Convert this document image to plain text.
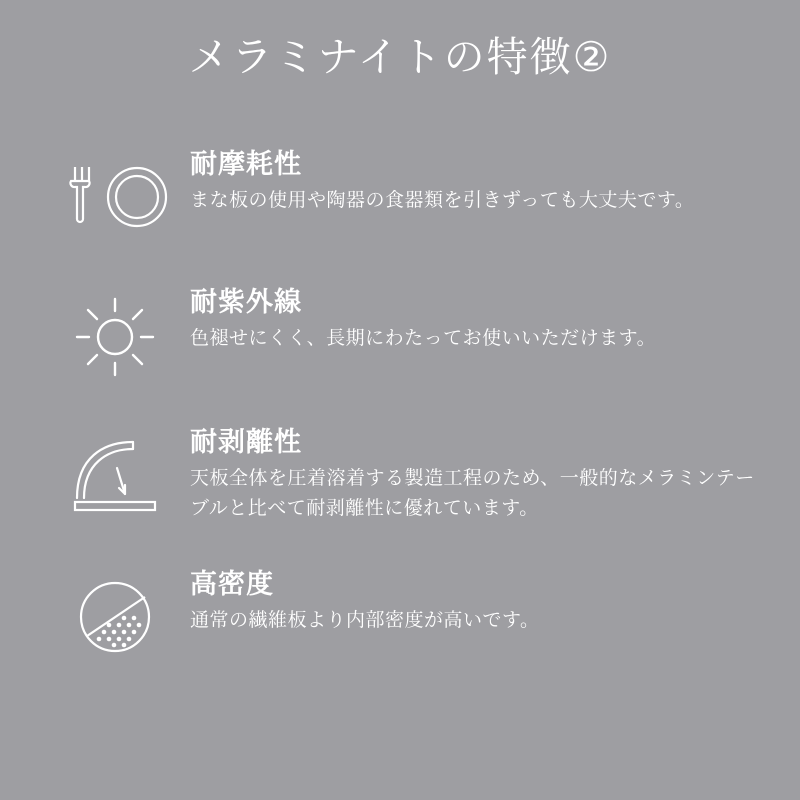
メラミナイトの特徴②
耐摩耗性
まな板の使用や陶器の食器類を引きずっても大丈夫です。
耐紫外線
色褪せにくく、長期にわたってお使いいただけます。
耐剥離性
天板全体を圧着溶着する製造工程のため、一般的なメラミンテーブルと比べて耐剥離性に優れています。
高密度
通常の繊維板より内部密度が高いです。
